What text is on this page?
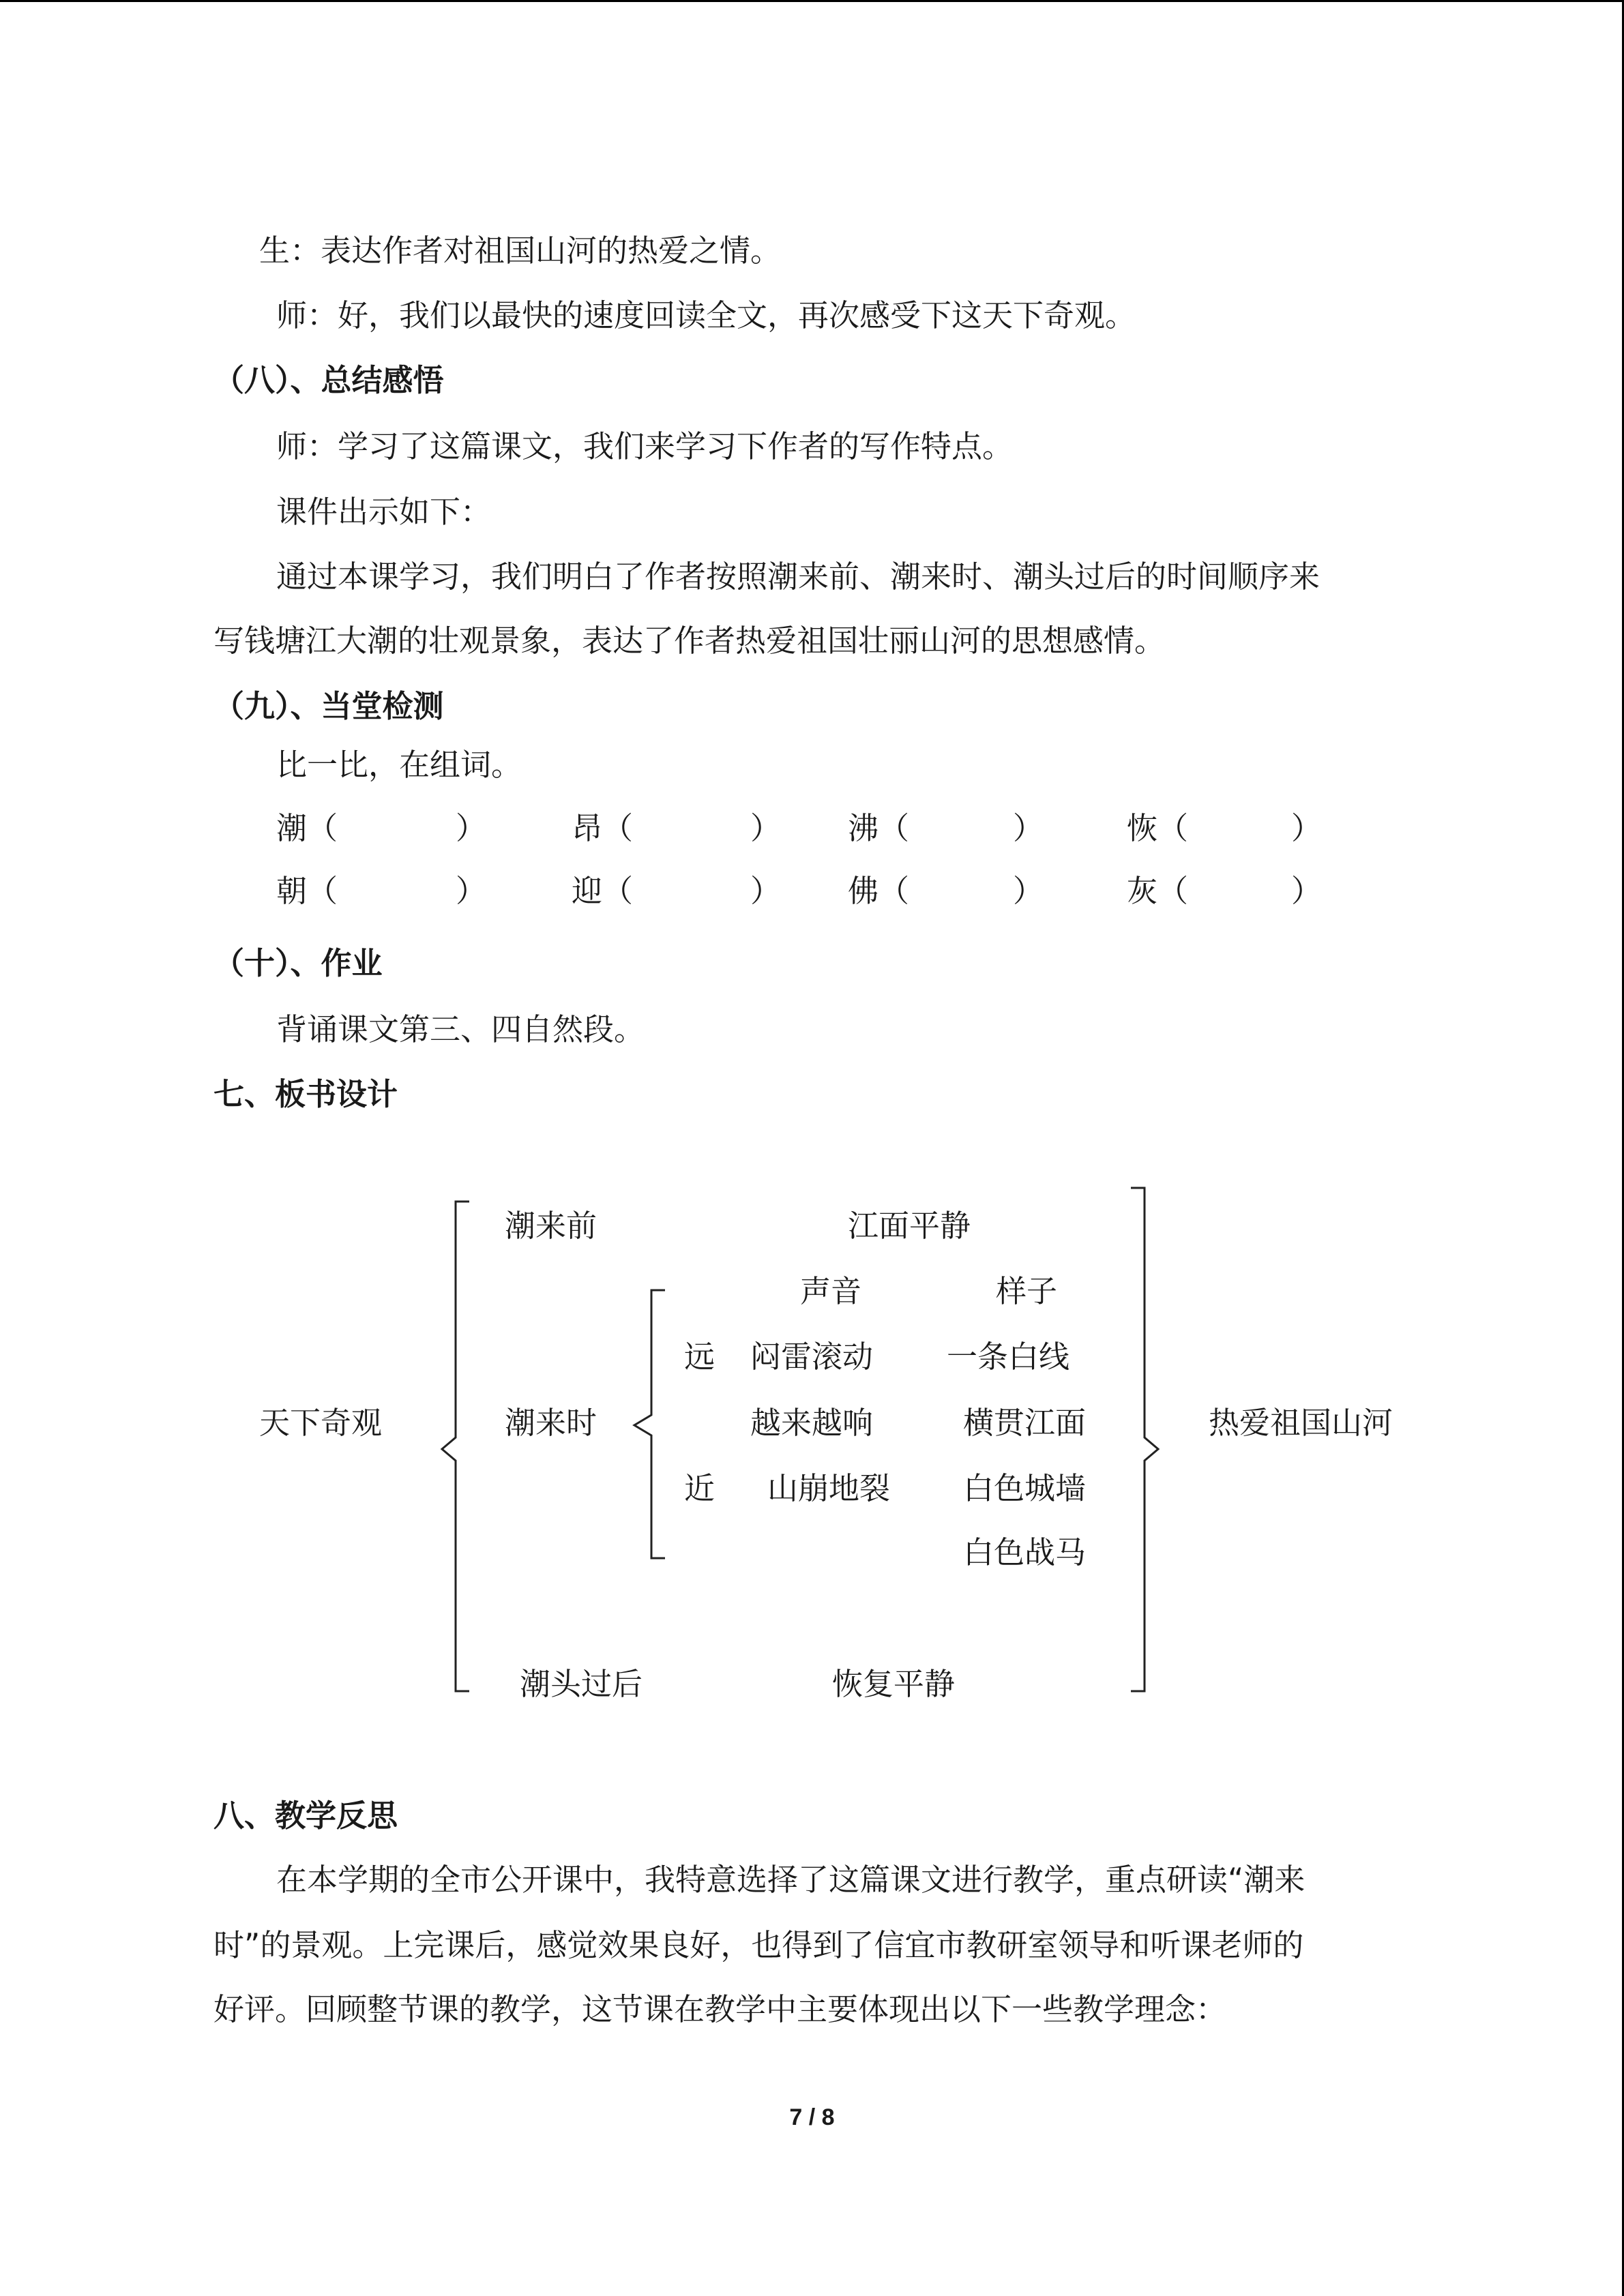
生：表达作者对祖国山河的热爱之情。
师：好，我们以最快的速度回读全文，再次感受下这天下奇观。
（八）、总结感悟
师：学习了这篇课文，我们来学习下作者的写作特点。
课件出示如下：
通过本课学习，我们明白了作者按照潮来前、潮来时、潮头过后的时间顺序来
写钱塘江大潮的壮观景象，表达了作者热爱祖国壮丽山河的思想感情。
（九）、当堂检测
比一比，在组词。
潮（	）	昂（	） 沸（	）	恢（	）
朝（	）	迎（	） 佛（	）	灰（	）
（十）、作业
背诵课文第三、四自然段。
七、板书设计
天下奇观
潮来前	江面平静
潮来时
声音	样子
远 闷雷滚动 一条白线
越来越响	横贯江面
近 山崩地裂 白色城墙
白色战马
潮头过后	恢复平静
热爱祖国山河
八、教学反思
在本学期的全市公开课中，我特意选择了这篇课文进行教学，重点研读“潮来
时”的景观。上完课后，感觉效果良好，也得到了信宜市教研室领导和听课老师的
好评。回顾整节课的教学，这节课在教学中主要体现出以下一些教学理念：
7 / 8
